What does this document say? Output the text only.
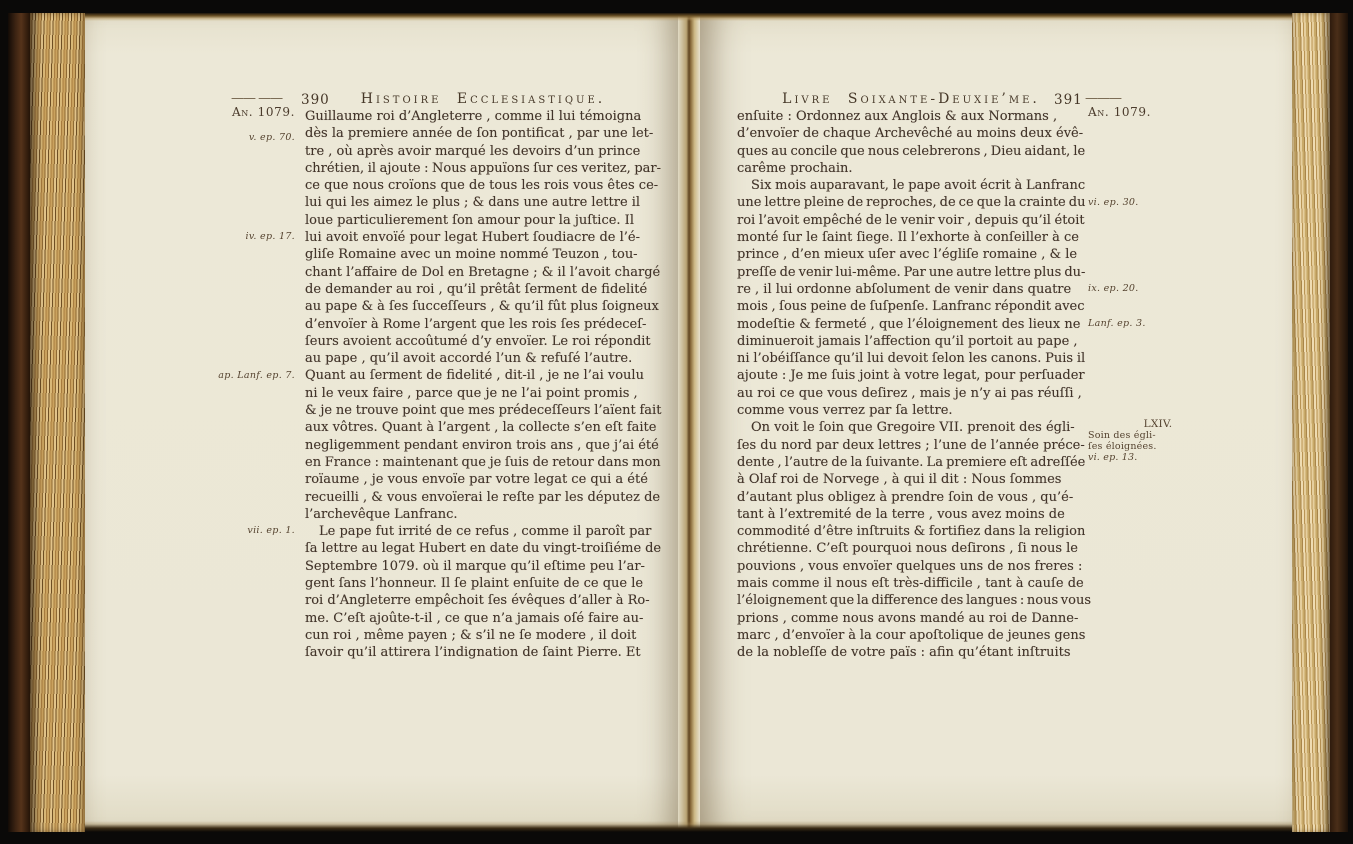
—— —— 390	Histoire Ecclesiastique.
Guillaume roi d’Angleterre , comme il lui témoigna
dès la premiere année de ſon pontificat , par une let-
tre , où après avoir marqué les devoirs d’un prince
chrétien, il ajoute : Nous appuïons ſur ces veritez, par-
ce que nous croïons que de tous les rois vous êtes ce-
lui qui les aimez le plus ; & dans une autre lettre il
loue particulierement ſon amour pour la juſtice. Il
lui avoit envoïé pour legat Hubert ſoudiacre de l’é-
gliſe Romaine avec un moine nommé Teuzon , tou-
chant l’affaire de Dol en Bretagne ; & il l’avoit chargé
de demander au roi , qu’il prêtât ſerment de fidelité
au pape & à ſes ſucceſſeurs , & qu’il fût plus ſoigneux
d’envoïer à Rome l’argent que les rois ſes prédeceſ-
ſeurs avoient accoûtumé d’y envoïer. Le roi répondit
au pape , qu’il avoit accordé l’un & refuſé l’autre.
Quant au ſerment de fidelité , dit-il , je ne l’ai voulu
ni le veux faire , parce que je ne l’ai point promis ,
& je ne trouve point que mes prédeceſſeurs l’aïent fait
aux vôtres. Quant à l’argent , la collecte s’en eſt faite
negligemment pendant environ trois ans , que j’ai été
en France : maintenant que je ſuis de retour dans mon
roïaume , je vous envoïe par votre legat ce qui a été
recueilli , & vous envoïerai le reſte par les députez de
l’archevêque Lanfranc.
Le pape fut irrité de ce refus , comme il paroît par
ſa lettre au legat Hubert en date du vingt-troiſiéme de
Septembre 1079. où il marque qu’il eſtime peu l’ar-
gent ſans l’honneur. Il ſe plaint enſuite de ce que le
roi d’Angleterre empêchoit ſes évêques d’aller à Ro-
me. C’eſt ajoûte-t-il , ce que n’a jamais oſé faire au-
cun roi , même payen ; & s’il ne ſe modere , il doit
ſavoir qu’il attirera l’indignation de ſaint Pierre. Et
An. 1079.
v. ep. 70.
iv. ep. 17.
ap. Lanf. ep. 7.
vii. ep. 1.
Livre Soixante-Deuxie’me.	391 ———
enſuite : Ordonnez aux Anglois & aux Normans ,
d’envoïer de chaque Archevêché au moins deux évê-
ques au concile que nous celebrerons , Dieu aidant, le
carême prochain.
Six mois auparavant, le pape avoit écrit à Lanfranc
une lettre pleine de reproches, de ce que la crainte du
roi l’avoit empêché de le venir voir , depuis qu’il étoit
monté ſur le ſaint ſiege. Il l’exhorte à conſeiller à ce
prince , d’en mieux uſer avec l’égliſe romaine , & le
preſſe de venir lui-même. Par une autre lettre plus du-
re , il lui ordonne abſolument de venir dans quatre
mois , ſous peine de ſuſpenſe. Lanfranc répondit avec
modeſtie & fermeté , que l’éloignement des lieux ne
diminueroit jamais l’affection qu’il portoit au pape ,
ni l’obéiſſance qu’il lui devoit ſelon les canons. Puis il
ajoute : Je me ſuis joint à votre legat, pour perſuader
au roi ce que vous deſirez , mais je n’y ai pas réuſſi ,
comme vous verrez par ſa lettre.
On voit le ſoin que Gregoire VII. prenoit des égli-
ſes du nord par deux lettres ; l’une de l’année préce-
dente , l’autre de la ſuivante. La premiere eſt adreſſée
à Olaf roi de Norvege , à qui il dit : Nous ſommes
d’autant plus obligez à prendre ſoin de vous , qu’é-
tant à l’extremité de la terre , vous avez moins de
commodité d’être inſtruits & fortifiez dans la religion
chrétienne. C’eſt pourquoi nous deſirons , ſi nous le
pouvions , vous envoïer quelques uns de nos freres :
mais comme il nous eſt très-difficile , tant à cauſe de
l’éloignement que la difference des langues : nous vous
prions , comme nous avons mandé au roi de Danne-
marc , d’envoïer à la cour apoſtolique de jeunes gens
de la nobleſſe de votre païs : afin qu’étant inſtruits
An. 1079.
vi. ep. 30.
ix. ep. 20.
Lanf. ep. 3.
LXIV.
Soin des égli-
ſes éloignées.
vi. ep. 13.
